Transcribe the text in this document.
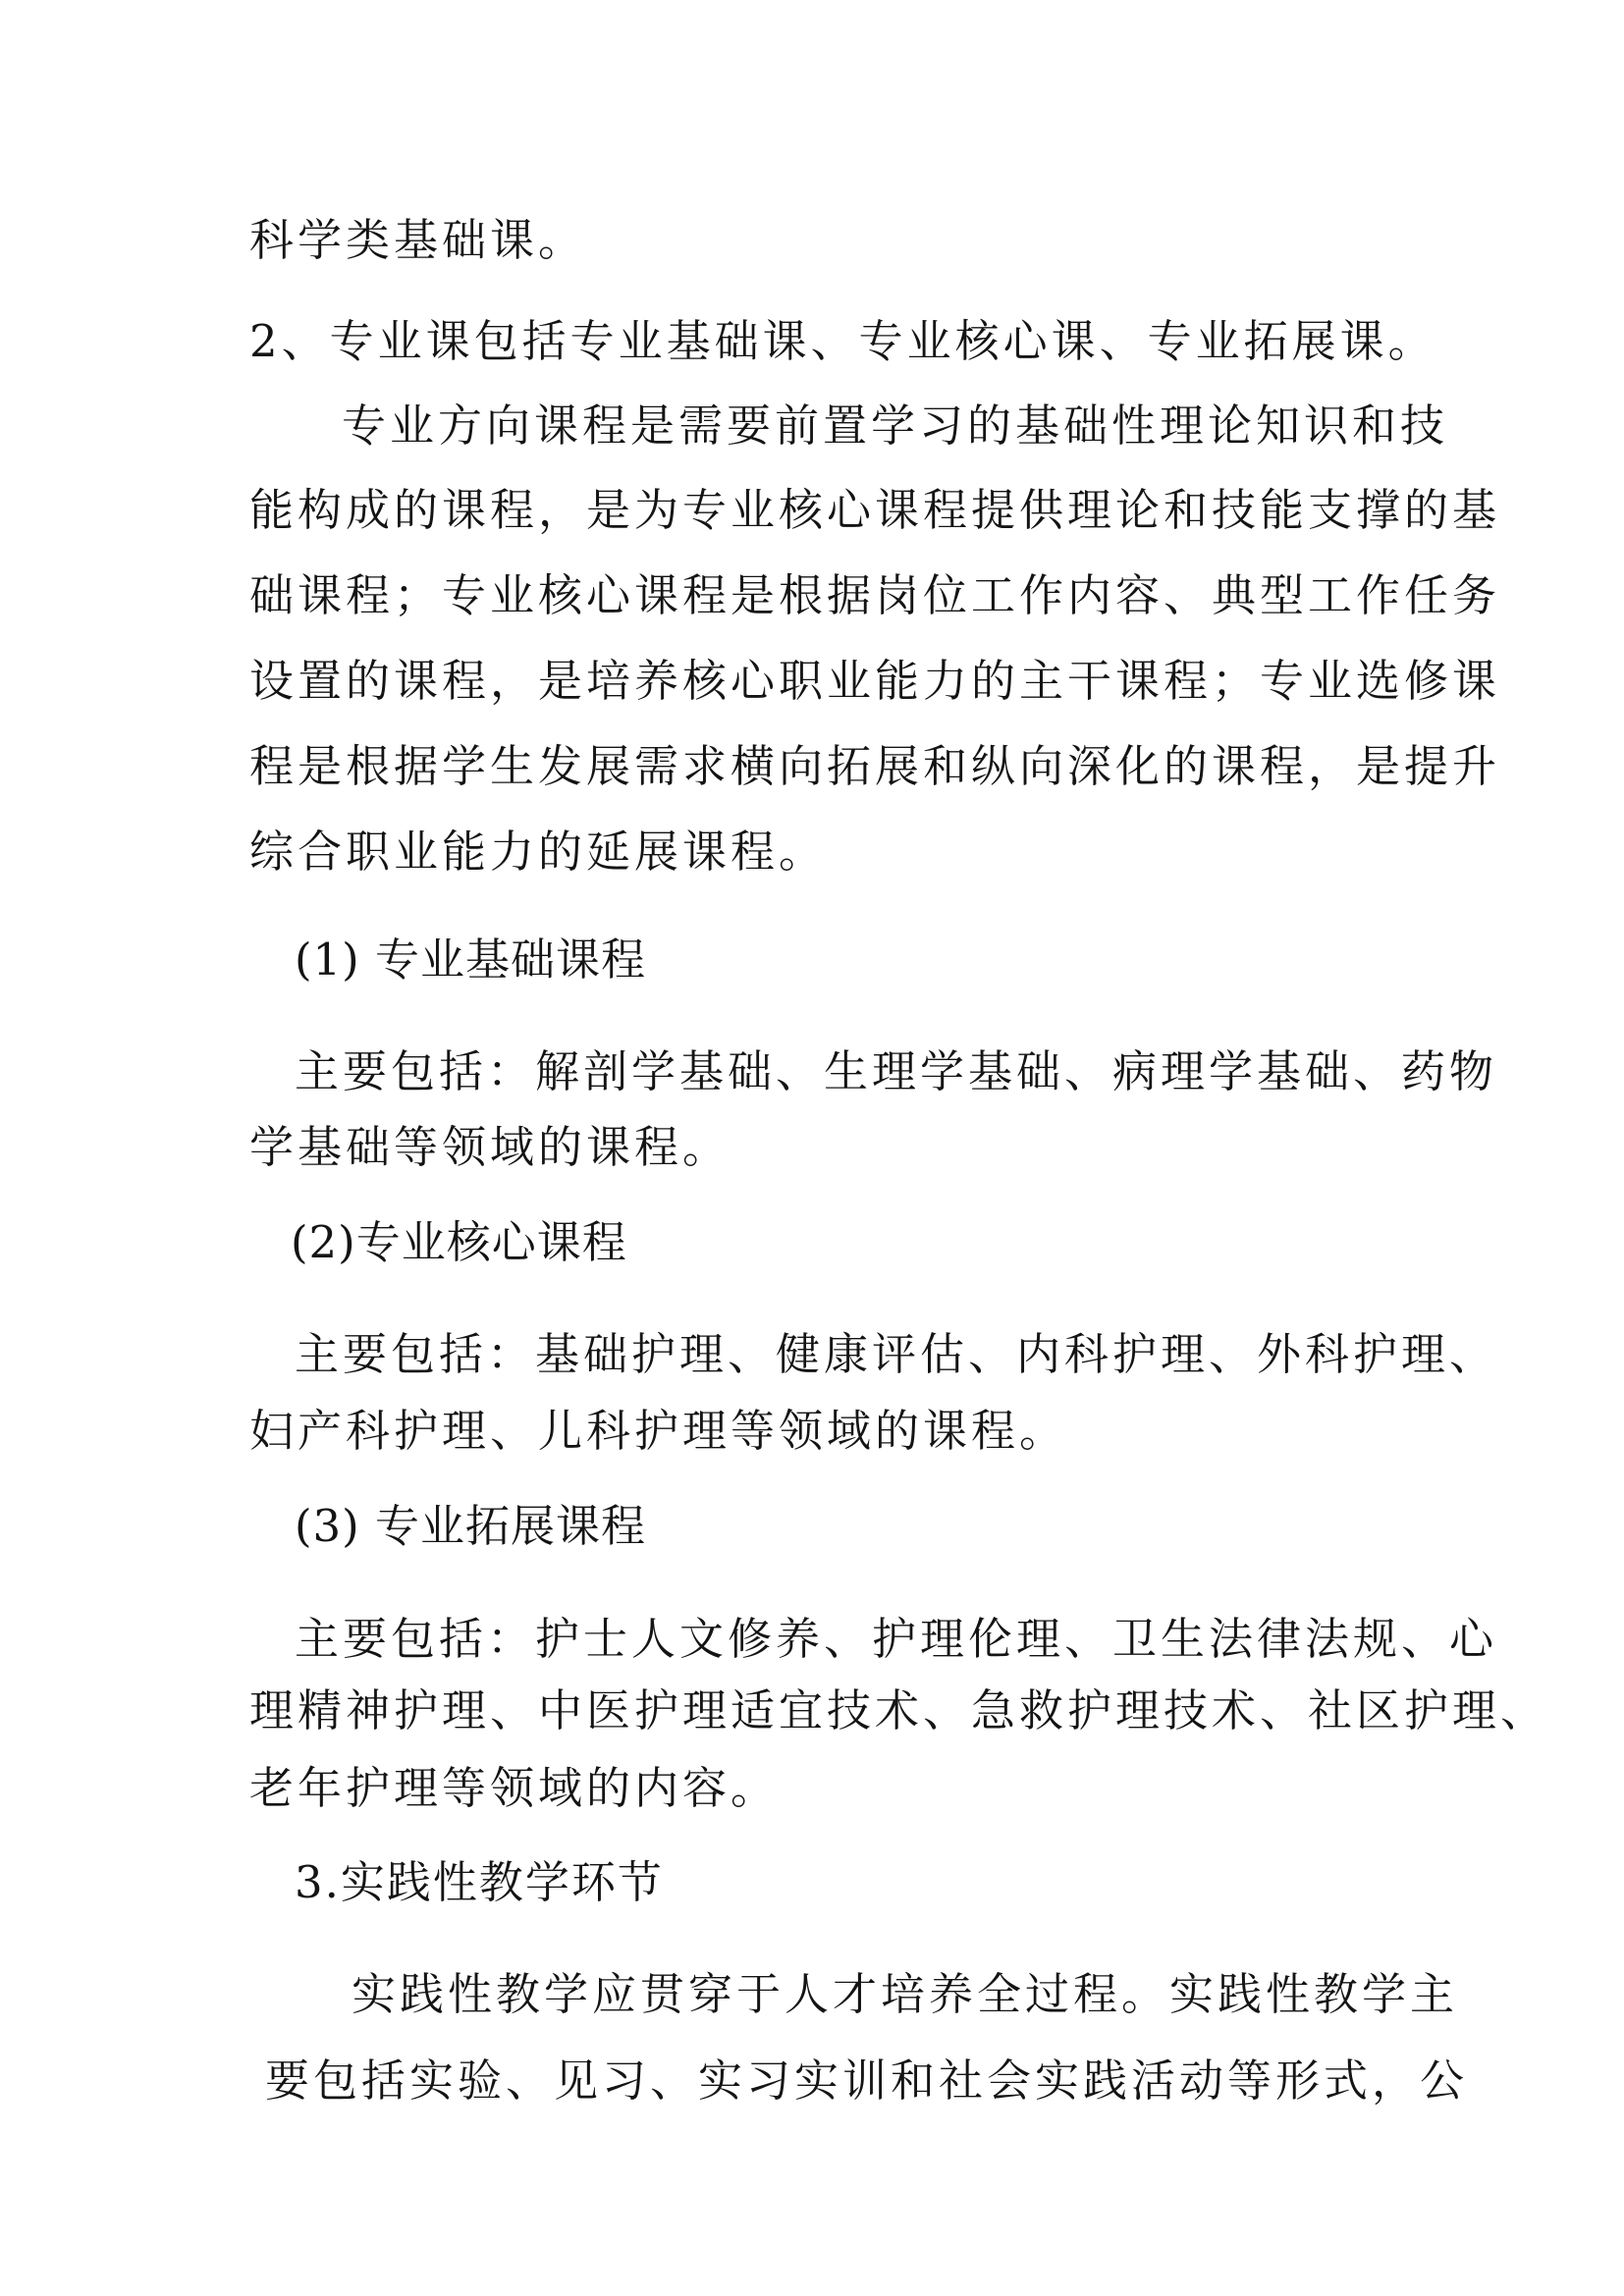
科学类基础课。
2、专业课包括专业基础课、专业核心课、专业拓展课。
专业方向课程是需要前置学习的基础性理论知识和技
能构成的课程，是为专业核心课程提供理论和技能支撑的基
础课程；专业核心课程是根据岗位工作内容、典型工作任务
设置的课程，是培养核心职业能力的主干课程；专业选修课
程是根据学生发展需求横向拓展和纵向深化的课程，是提升
综合职业能力的延展课程。
(1) 专业基础课程
主要包括：解剖学基础、生理学基础、病理学基础、药物
学基础等领域的课程。
(2)专业核心课程
主要包括：基础护理、健康评估、内科护理、外科护理、
妇产科护理、儿科护理等领域的课程。
(3) 专业拓展课程
主要包括：护士人文修养、护理伦理、卫生法律法规、心
理精神护理、中医护理适宜技术、急救护理技术、社区护理、
老年护理等领域的内容。
3.实践性教学环节
实践性教学应贯穿于人才培养全过程。实践性教学主
要包括实验、见习、实习实训和社会实践活动等形式，公
